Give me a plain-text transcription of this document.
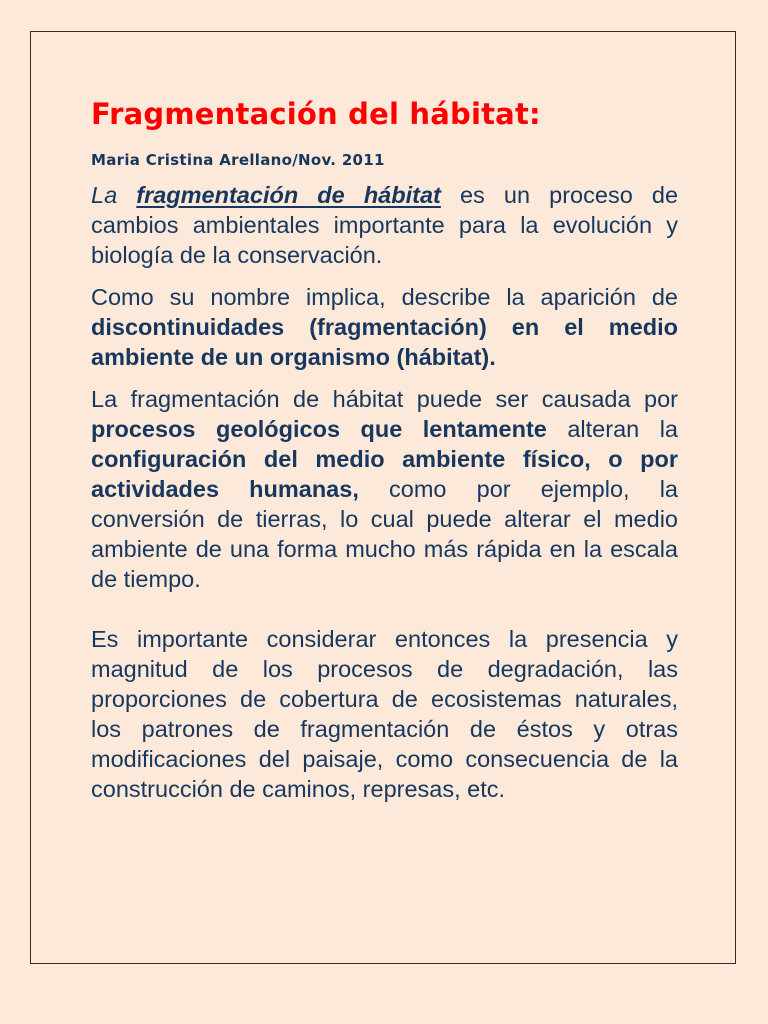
Fragmentación del hábitat:

Maria Cristina Arellano/Nov. 2011

La fragmentación de hábitat es un proceso de cambios ambientales importante para la evolución y biología de la conservación.

Como su nombre implica, describe la aparición de discontinuidades (fragmentación) en el medio ambiente de un organismo (hábitat).

La fragmentación de hábitat puede ser causada por procesos geológicos que lentamente alteran la configuración del medio ambiente físico, o por actividades humanas, como por ejemplo, la conversión de tierras, lo cual puede alterar el medio ambiente de una forma mucho más rápida en la escala de tiempo.

Es importante considerar entonces la presencia y magnitud de los procesos de degradación, las proporciones de cobertura de ecosistemas naturales, los patrones de fragmentación de éstos y otras modificaciones del paisaje, como consecuencia de la construcción de caminos, represas, etc.
